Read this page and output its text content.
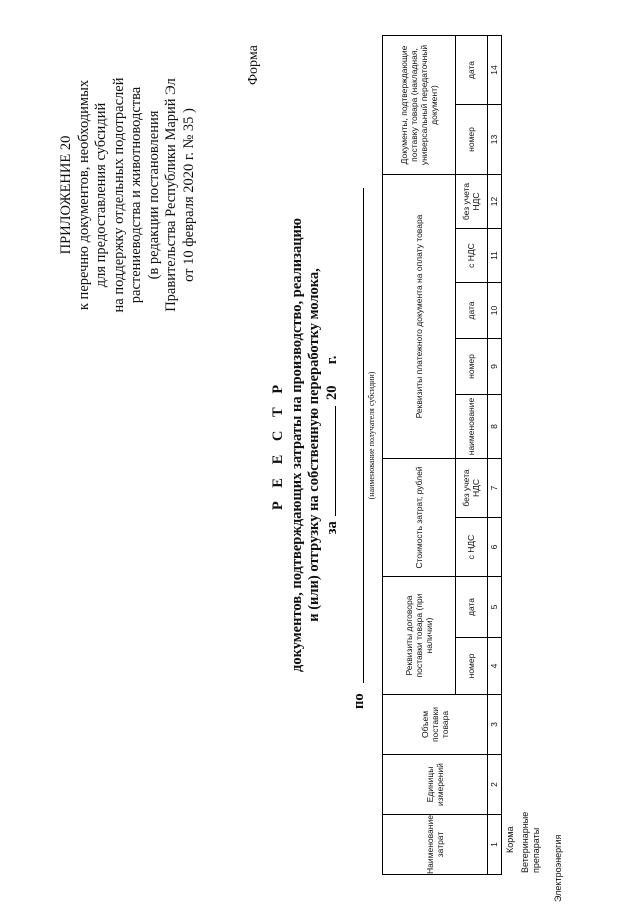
ПРИЛОЖЕНИЕ 20 к перечню документов, необходимых для предоставления субсидий на поддержку отдельных подотраслей растениеводства и животноводства (в редакции постановления Правительства Республики Марий Эл от 10 февраля 2020 г. № 35 )
Форма
Р Е Е С Т Р документов, подтверждающих затраты на производство, реализацию и (или) отгрузку на собственную переработку молока, за  20  г.
по
(наименование получателя субсидии)
Наименование затрат
Единицы измерений
Объем поставки товара
Реквизиты договора поставки товара (при наличии)
номер
дата
Стоимость затрат, рублей	с НДС
без учета НДС
Реквизиты платежного документа на оплату товара
наименование
номер
дата
с НДС
без учета НДС
Документы, подтверждающие поставку товара (накладная, универсальный передаточный документ)
номер
дата
1
2
3
4
5
6
7
8
9
10
11
12
13
14
Корма Ветеринарные препараты Электроэнергия
